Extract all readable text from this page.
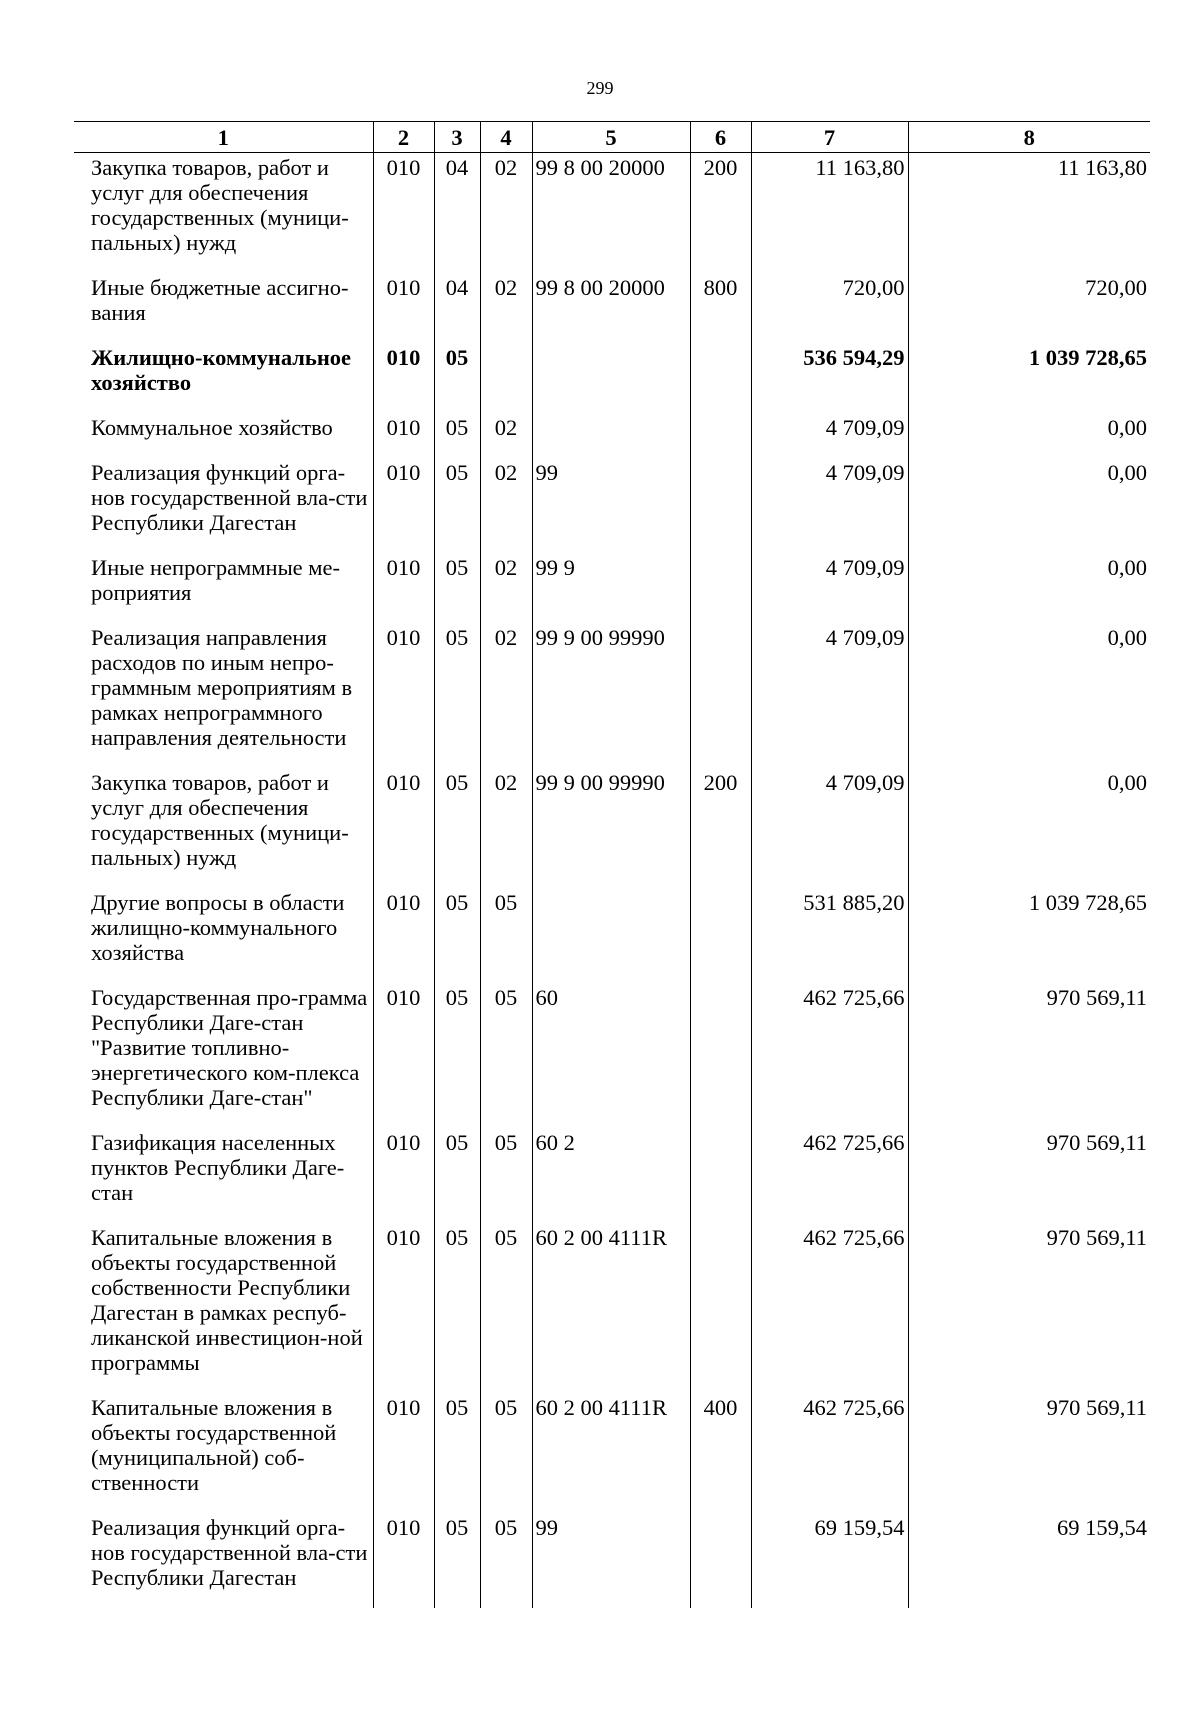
299
1	2	3	4	5	6	7	8
Закупка товаров, работ и услуг для обеспечения государственных (муници-пальных) нужд	010	04	02	99 8 00 20000	200	11 163,80	11 163,80
Иные бюджетные ассигно-вания	010	04	02	99 8 00 20000	800	720,00	720,00
Жилищно-коммунальное хозяйство	010	05				536 594,29	1 039 728,65
Коммунальное хозяйство	010	05	02			4 709,09	0,00
Реализация функций орга-нов государственной вла-сти Республики Дагестан	010	05	02	99		4 709,09	0,00
Иные непрограммные ме-роприятия	010	05	02	99 9		4 709,09	0,00
Реализация направления расходов по иным непро-граммным мероприятиям в рамках непрограммного направления деятельности	010	05	02	99 9 00 99990		4 709,09	0,00
Закупка товаров, работ и услуг для обеспечения государственных (муници-пальных) нужд	010	05	02	99 9 00 99990	200	4 709,09	0,00
Другие вопросы в области жилищно-коммунального хозяйства	010	05	05			531 885,20	1 039 728,65
Государственная про-грамма Республики Даге-стан "Развитие топливно-энергетического ком-плекса Республики Даге-стан"	010	05	05	60		462 725,66	970 569,11
Газификация населенных пунктов Республики Даге-стан	010	05	05	60 2		462 725,66	970 569,11
Капитальные вложения в объекты государственной собственности Республики Дагестан в рамках респуб-ликанской инвестицион-ной программы	010	05	05	60 2 00 4111R		462 725,66	970 569,11
Капитальные вложения в объекты государственной (муниципальной) соб-ственности	010	05	05	60 2 00 4111R	400	462 725,66	970 569,11
Реализация функций орга-нов государственной вла-сти Республики Дагестан	010	05	05	99		69 159,54	69 159,54
